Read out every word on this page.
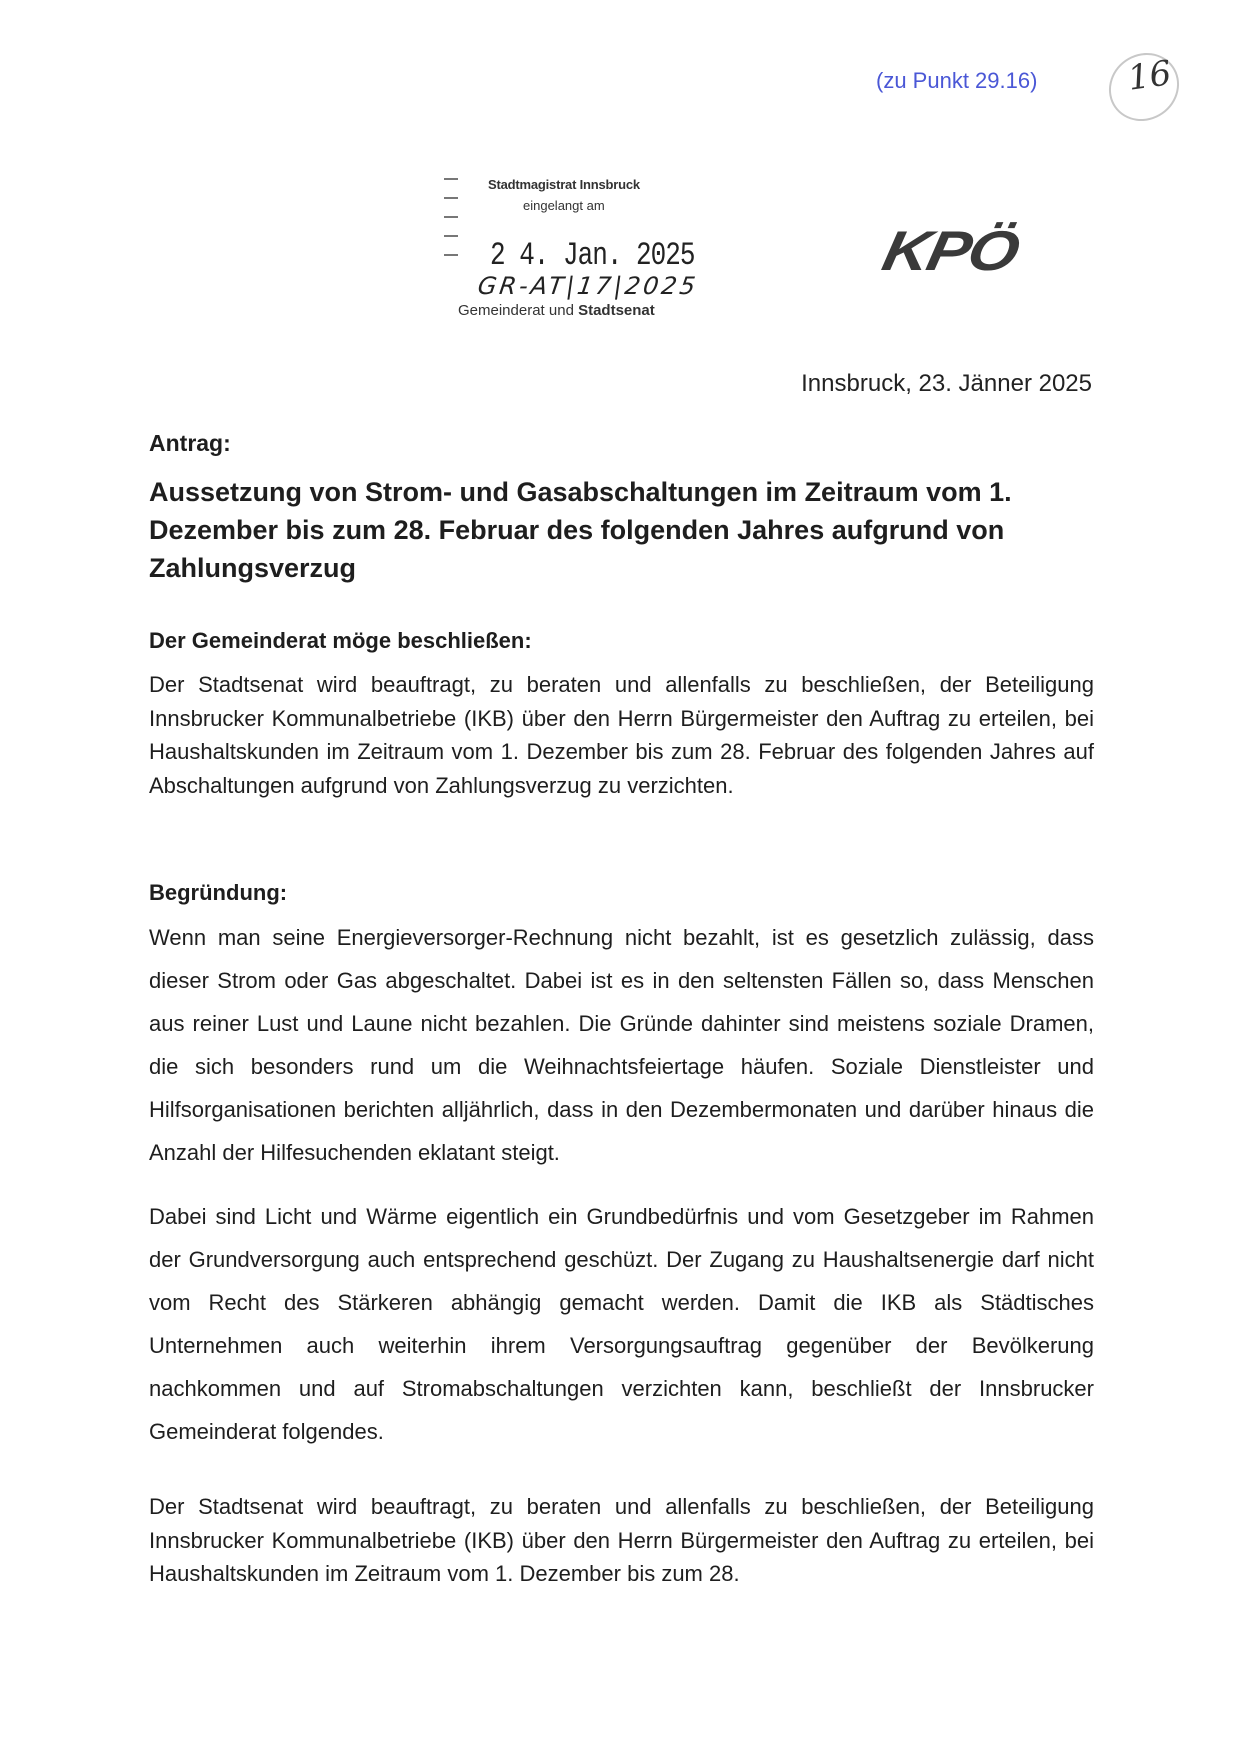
(zu Punkt 29.16)	16
Stadtmagistrat Innsbruck
eingelangt am
2 4. Jan. 2025
GR-AT|17|2025
Gemeinderat und Stadtsenat
KPÖ
Innsbruck, 23. Jänner 2025
Antrag:
Aussetzung von Strom- und Gasabschaltungen im Zeitraum vom 1. Dezember bis zum 28. Februar des folgenden Jahres aufgrund von Zahlungsverzug
Der Gemeinderat möge beschließen:
Der Stadtsenat wird beauftragt, zu beraten und allenfalls zu beschließen, der Beteiligung Innsbrucker Kommunalbetriebe (IKB) über den Herrn Bürgermeister den Auftrag zu erteilen, bei Haushaltskunden im Zeitraum vom 1. Dezember bis zum 28. Februar des folgenden Jahres auf Abschaltungen aufgrund von Zahlungsverzug zu verzichten.
Begründung:
Wenn man seine Energieversorger-Rechnung nicht bezahlt, ist es gesetzlich zulässig, dass dieser Strom oder Gas abgeschaltet. Dabei ist es in den seltensten Fällen so, dass Menschen aus reiner Lust und Laune nicht bezahlen. Die Gründe dahinter sind meistens soziale Dramen, die sich besonders rund um die Weihnachtsfeiertage häufen. Soziale Dienstleister und Hilfsorganisationen berichten alljährlich, dass in den Dezembermonaten und darüber hinaus die Anzahl der Hilfesuchenden eklatant steigt.
Dabei sind Licht und Wärme eigentlich ein Grundbedürfnis und vom Gesetzgeber im Rahmen der Grundversorgung auch entsprechend geschüzt. Der Zugang zu Haushaltsenergie darf nicht vom Recht des Stärkeren abhängig gemacht werden. Damit die IKB als Städtisches Unternehmen auch weiterhin ihrem Versorgungsauftrag gegenüber der Bevölkerung nachkommen und auf Stromabschaltungen verzichten kann, beschließt der Innsbrucker Gemeinderat folgendes.
Der Stadtsenat wird beauftragt, zu beraten und allenfalls zu beschließen, der Beteiligung Innsbrucker Kommunalbetriebe (IKB) über den Herrn Bürgermeister den Auftrag zu erteilen, bei Haushaltskunden im Zeitraum vom 1. Dezember bis zum 28.
